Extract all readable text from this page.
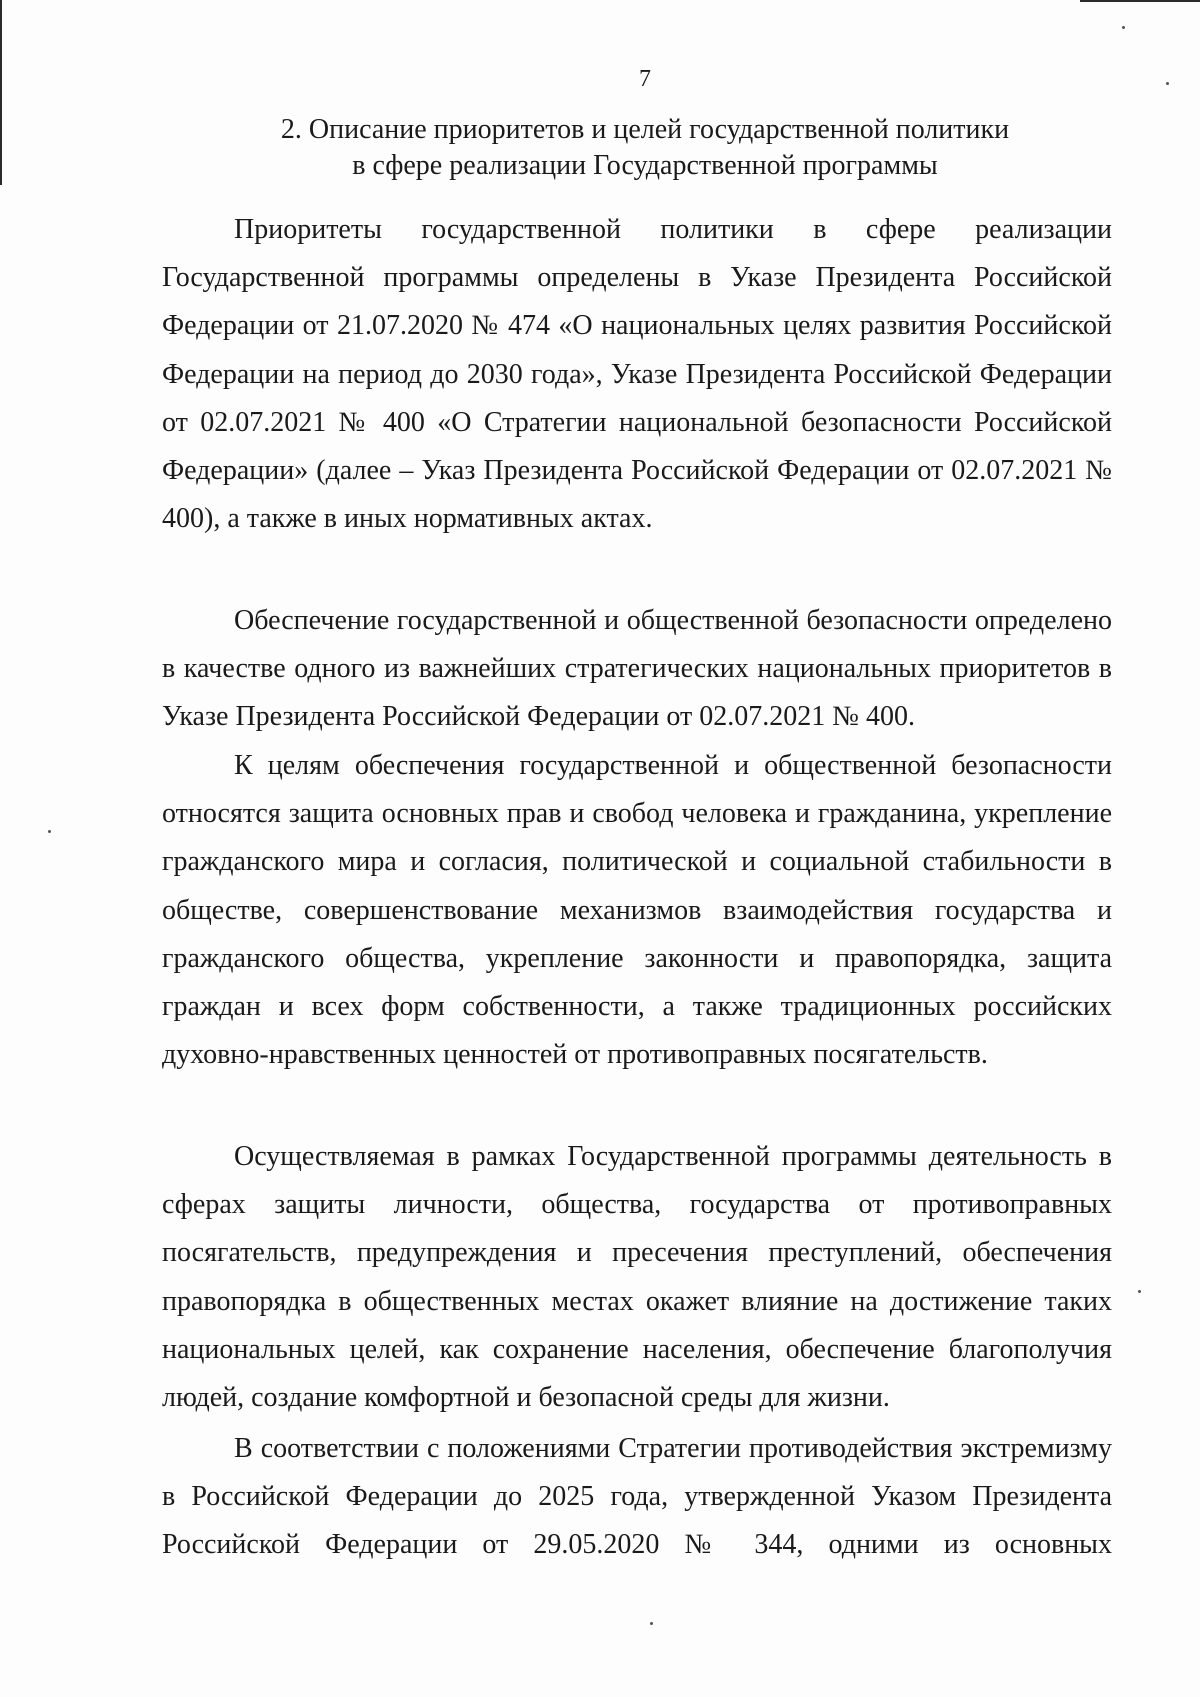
7
2. Описание приоритетов и целей государственной политики
в сфере реализации Государственной программы

Приоритеты государственной политики в сфере реализации Государственной программы определены в Указе Президента Российской Федерации от 21.07.2020 № 474 «О национальных целях развития Российской Федерации на период до 2030 года», Указе Президента Российской Федерации от 02.07.2021 № 400 «О Стратегии национальной безопасности Российской Федерации» (далее – Указ Президента Российской Федерации от 02.07.2021 № 400), а также в иных нормативных актах.

Обеспечение государственной и общественной безопасности определено в качестве одного из важнейших стратегических национальных приоритетов в Указе Президента Российской Федерации от 02.07.2021 № 400.

К целям обеспечения государственной и общественной безопасности относятся защита основных прав и свобод человека и гражданина, укрепление гражданского мира и согласия, политической и социальной стабильности в обществе, совершенствование механизмов взаимодействия государства и гражданского общества, укрепление законности и правопорядка, защита граждан и всех форм собственности, а также традиционных российских духовно-нравственных ценностей от противоправных посягательств.

Осуществляемая в рамках Государственной программы деятельность в сферах защиты личности, общества, государства от противоправных посягательств, предупреждения и пресечения преступлений, обеспечения правопорядка в общественных местах окажет влияние на достижение таких национальных целей, как сохранение населения, обеспечение благополучия людей, создание комфортной и безопасной среды для жизни.

В соответствии с положениями Стратегии противодействия экстремизму в Российской Федерации до 2025 года, утвержденной Указом Президента Российской Федерации от 29.05.2020 № 344, одними из основных
